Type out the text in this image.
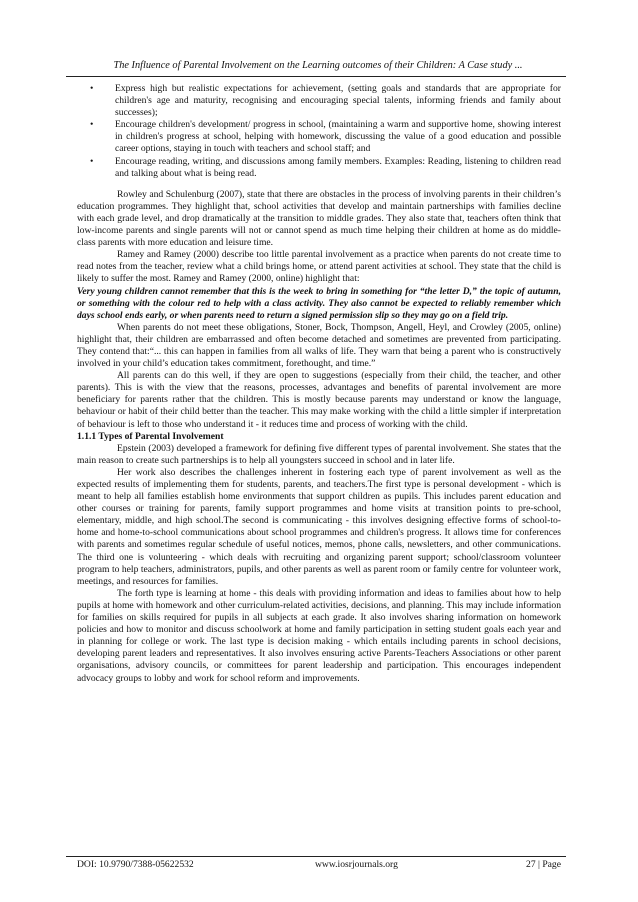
The Influence of Parental Involvement on the Learning outcomes of their Children: A Case study ...
• Express high but realistic expectations for achievement, (setting goals and standards that are appropriate for children's age and maturity, recognising and encouraging special talents, informing friends and family about successes);
• Encourage children's development/ progress in school, (maintaining a warm and supportive home, showing interest in children's progress at school, helping with homework, discussing the value of a good education and possible career options, staying in touch with teachers and school staff; and
• Encourage reading, writing, and discussions among family members. Examples: Reading, listening to children read and talking about what is being read.

Rowley and Schulenburg (2007), state that there are obstacles in the process of involving parents in their children’s education programmes. They highlight that, school activities that develop and maintain partnerships with families decline with each grade level, and drop dramatically at the transition to middle grades. They also state that, teachers often think that low-income parents and single parents will not or cannot spend as much time helping their children at home as do middle-class parents with more education and leisure time.

Ramey and Ramey (2000) describe too little parental involvement as a practice when parents do not create time to read notes from the teacher, review what a child brings home, or attend parent activities at school. They state that the child is likely to suffer the most. Ramey and Ramey (2000, online) highlight that:

Very young children cannot remember that this is the week to bring in something for “the letter D,” the topic of autumn, or something with the colour red to help with a class activity. They also cannot be expected to reliably remember which days school ends early, or when parents need to return a signed permission slip so they may go on a field trip.

When parents do not meet these obligations, Stoner, Bock, Thompson, Angell, Heyl, and Crowley (2005, online) highlight that, their children are embarrassed and often become detached and sometimes are prevented from participating. They contend that:“... this can happen in families from all walks of life. They warn that being a parent who is constructively involved in your child’s education takes commitment, forethought, and time.”

All parents can do this well, if they are open to suggestions (especially from their child, the teacher, and other parents). This is with the view that the reasons, processes, advantages and benefits of parental involvement are more beneficiary for parents rather that the children. This is mostly because parents may understand or know the language, behaviour or habit of their child better than the teacher. This may make working with the child a little simpler if interpretation of behaviour is left to those who understand it - it reduces time and process of working with the child.

1.1.1 Types of Parental Involvement

Epstein (2003) developed a framework for defining five different types of parental involvement. She states that the main reason to create such partnerships is to help all youngsters succeed in school and in later life.

Her work also describes the challenges inherent in fostering each type of parent involvement as well as the expected results of implementing them for students, parents, and teachers.The first type is personal development - which is meant to help all families establish home environments that support children as pupils. This includes parent education and other courses or training for parents, family support programmes and home visits at transition points to pre-school, elementary, middle, and high school.The second is communicating - this involves designing effective forms of school-to-home and home-to-school communications about school programmes and children's progress. It allows time for conferences with parents and sometimes regular schedule of useful notices, memos, phone calls, newsletters, and other communications. The third one is volunteering - which deals with recruiting and organizing parent support; school/classroom volunteer program to help teachers, administrators, pupils, and other parents as well as parent room or family centre for volunteer work, meetings, and resources for families.

The forth type is learning at home - this deals with providing information and ideas to families about how to help pupils at home with homework and other curriculum-related activities, decisions, and planning. This may include information for families on skills required for pupils in all subjects at each grade. It also involves sharing information on homework policies and how to monitor and discuss schoolwork at home and family participation in setting student goals each year and in planning for college or work. The last type is decision making - which entails including parents in school decisions, developing parent leaders and representatives. It also involves ensuring active Parents-Teachers Associations or other parent organisations, advisory councils, or committees for parent leadership and participation. This encourages independent advocacy groups to lobby and work for school reform and improvements.

DOI: 10.9790/7388-05622532	www.iosrjournals.org	27 | Page
